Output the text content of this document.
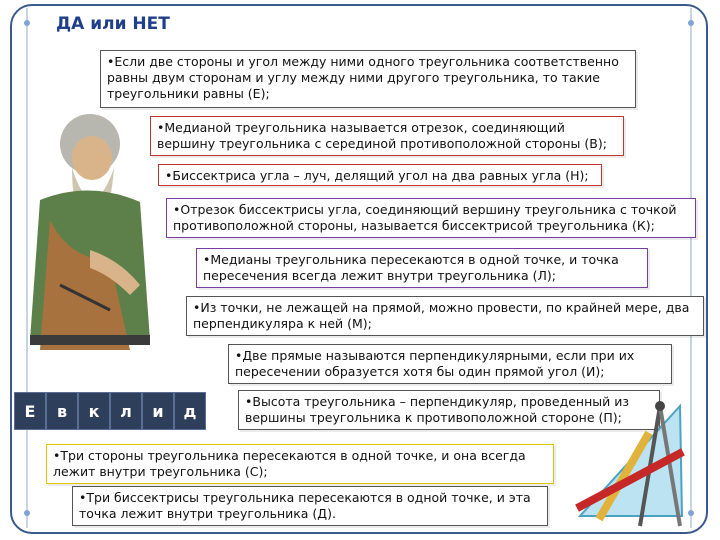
ДА или НЕТ
•Если две стороны и угол между ними одного треугольника соответственно равны двум сторонам и углу между ними другого треугольника, то такие треугольники равны (Е);
•Медианой треугольника называется отрезок, соединяющий вершину треугольника с серединой противоположной стороны (В);
•Биссектриса угла – луч, делящий угол на два равных угла (Н);
•Отрезок биссектрисы угла, соединяющий вершину треугольника с точкой противоположной стороны, называется биссектрисой треугольника (К);
•Медианы треугольника пересекаются в одной точке, и точка пересечения всегда лежит внутри треугольника (Л);
•Из точки, не лежащей на прямой, можно провести, по крайней мере, два перпендикуляра к ней (М);
•Две прямые называются перпендикулярными, если при их пересечении образуется хотя бы один прямой угол (И);
Е	в	к	л	и	д	•Высота треугольника – перпендикуляр, проведенный из вершины треугольника к противоположной стороне (П);
•Три стороны треугольника пересекаются в одной точке, и она всегда лежит внутри треугольника (С);
•Три биссектрисы треугольника пересекаются в одной точке, и эта точка лежит внутри треугольника (Д).
